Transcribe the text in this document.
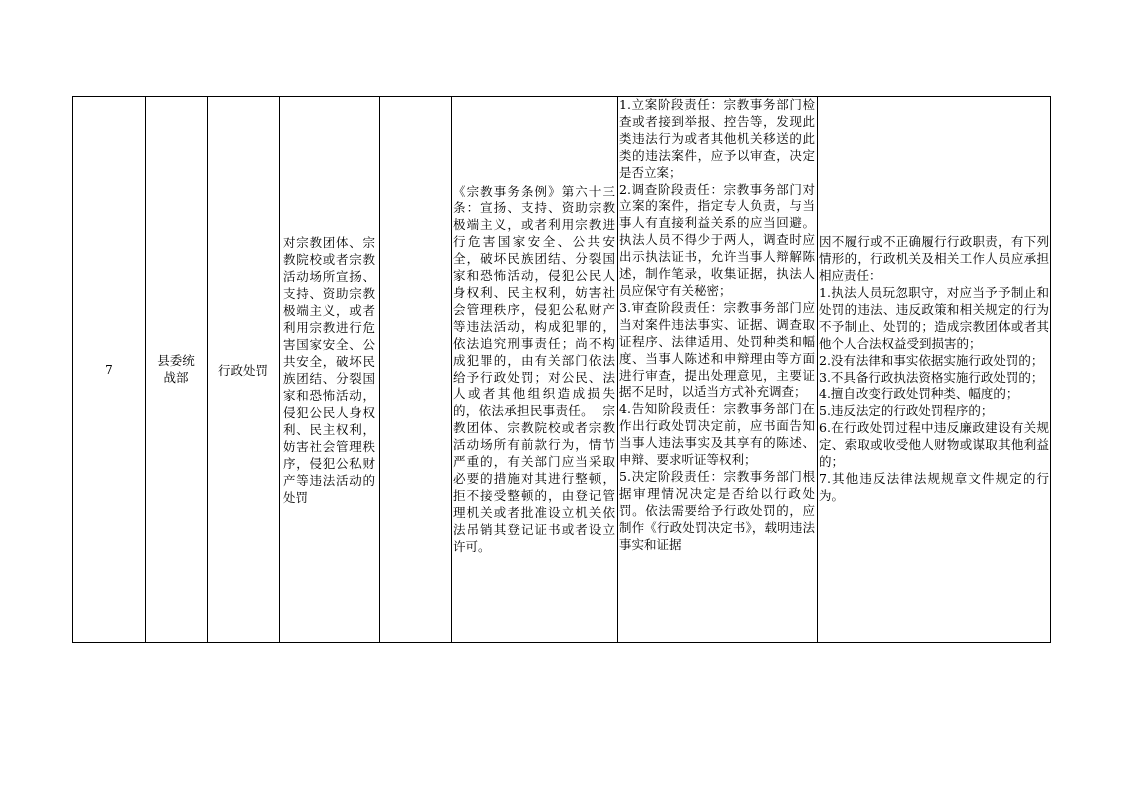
7
县委统
战部	行政处罚
对宗教团体、宗教院校或者宗教活动场所宣扬、支持、资助宗教极端主义，或者利用宗教进行危害国家安全、公共安全，破坏民族团结、分裂国家和恐怖活动，侵犯公民人身权利、民主权利，妨害社会管理秩序，侵犯公私财产等违法活动的处罚
《宗教事务条例》第六十三条：宣扬、支持、资助宗教极端主义，或者利用宗教进行危害国家安全、公共安全，破坏民族团结、分裂国家和恐怖活动，侵犯公民人身权利、民主权利，妨害社会管理秩序，侵犯公私财产等违法活动，构成犯罪的，依法追究刑事责任；尚不构成犯罪的，由有关部门依法给予行政处罚；对公民、法人或者其他组织造成损失的，依法承担民事责任。  宗教团体、宗教院校或者宗教活动场所有前款行为，情节严重的，有关部门应当采取必要的措施对其进行整顿，拒不接受整顿的，由登记管理机关或者批准设立机关依法吊销其登记证书或者设立许可。
1.立案阶段责任：宗教事务部门检查或者接到举报、控告等，发现此类违法行为或者其他机关移送的此类的违法案件，应予以审查，决定是否立案；
2.调查阶段责任：宗教事务部门对立案的案件，指定专人负责，与当事人有直接利益关系的应当回避。执法人员不得少于两人，调查时应出示执法证书，允许当事人辩解陈述，制作笔录，收集证据，执法人员应保守有关秘密；
3.审查阶段责任：宗教事务部门应当对案件违法事实、证据、调查取证程序、法律适用、处罚种类和幅度、当事人陈述和申辩理由等方面进行审查，提出处理意见，主要证据不足时，以适当方式补充调查；
4.告知阶段责任：宗教事务部门在作出行政处罚决定前，应书面告知当事人违法事实及其享有的陈述、申辩、要求听证等权利；
5.决定阶段责任：宗教事务部门根据审理情况决定是否给以行政处罚。依法需要给予行政处罚的，应制作《行政处罚决定书》，载明违法事实和证据
因不履行或不正确履行行政职责，有下列情形的，行政机关及相关工作人员应承担相应责任：
1.执法人员玩忽职守，对应当予予制止和处罚的违法、违反政策和相关规定的行为不予制止、处罚的；造成宗教团体或者其他个人合法权益受到损害的；
2.没有法律和事实依据实施行政处罚的；
3.不具备行政执法资格实施行政处罚的；
4.擅自改变行政处罚种类、幅度的；
5.违反法定的行政处罚程序的；
6.在行政处罚过程中违反廉政建设有关规定、索取或收受他人财物或谋取其他利益的；
7.其他违反法律法规规章文件规定的行为。
